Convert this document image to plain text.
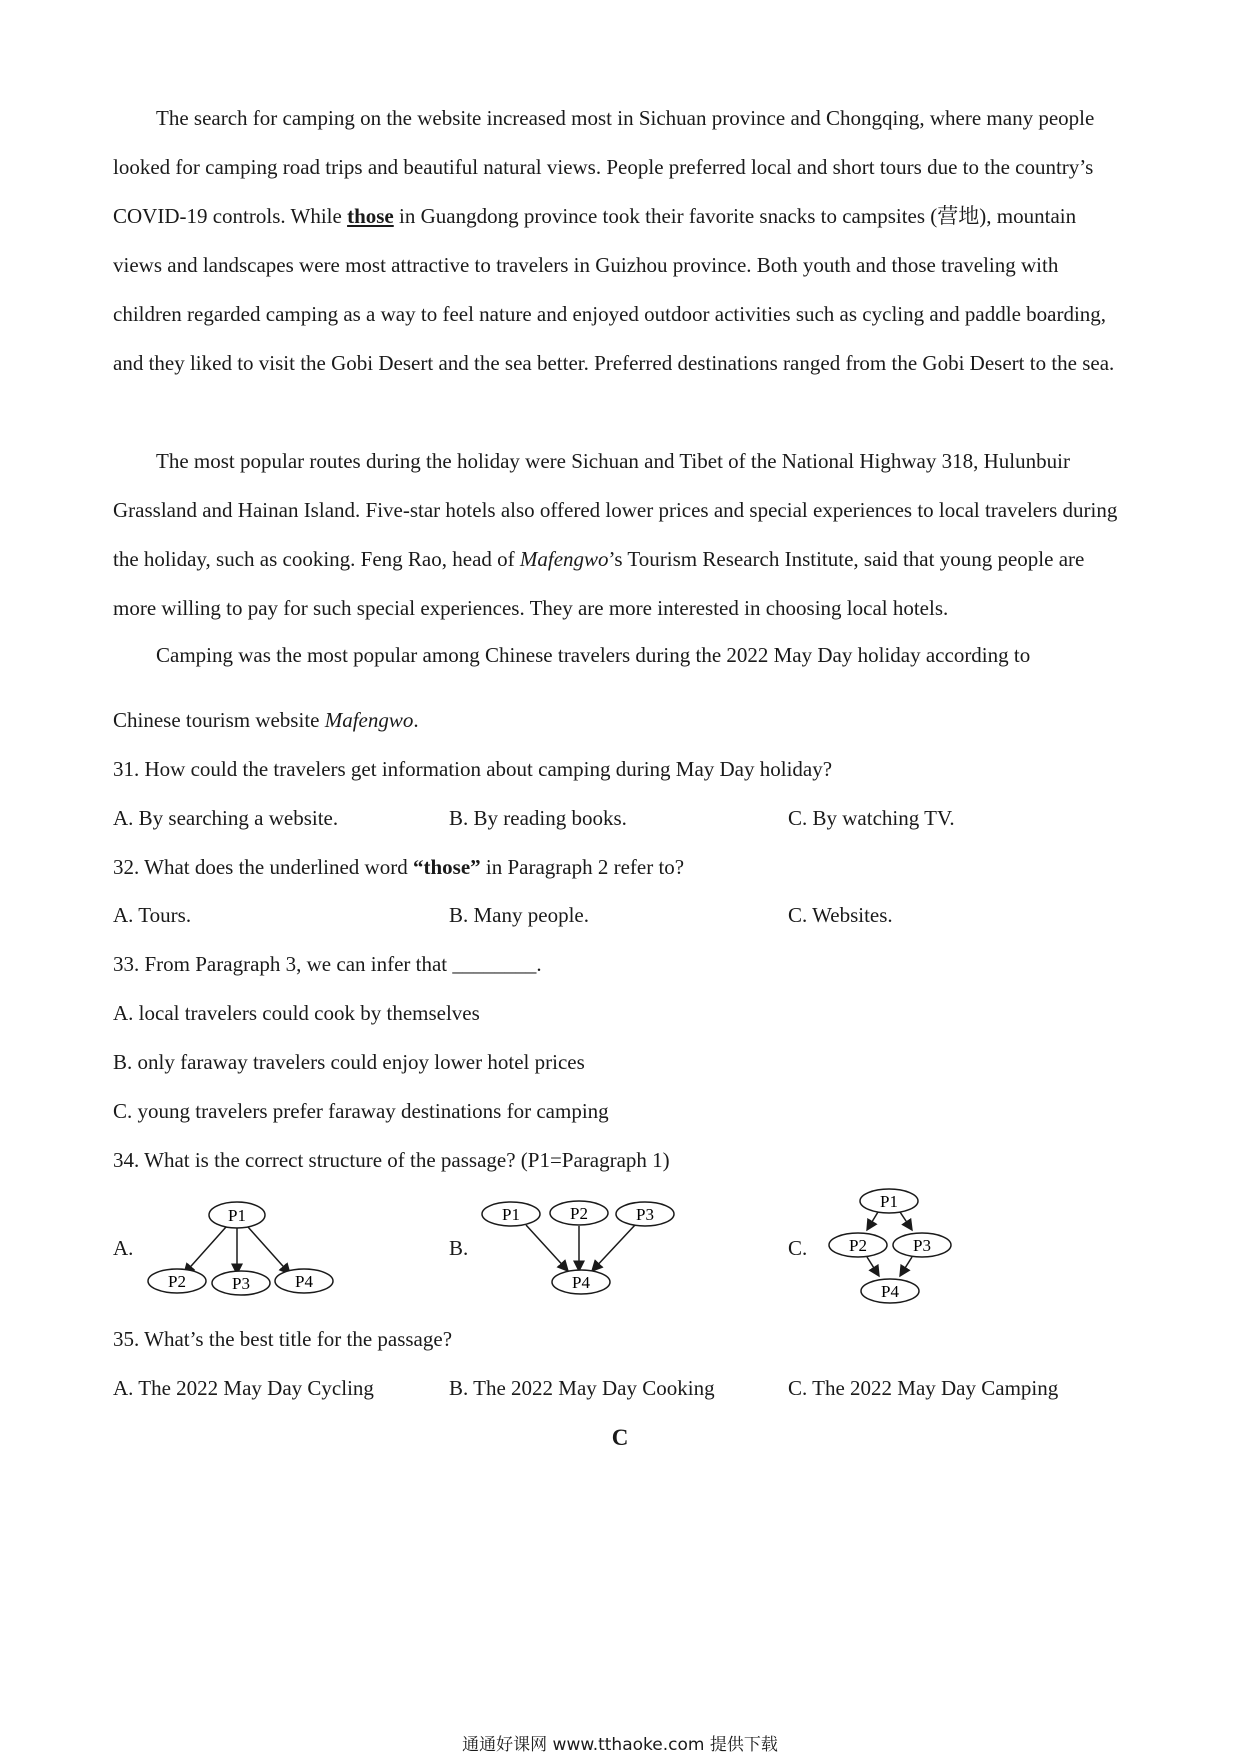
The search for camping on the website increased most in Sichuan province and Chongqing, where many people looked for camping road trips and beautiful natural views. People preferred local and short tours due to the country’s COVID-19 controls. While those in Guangdong province took their favorite snacks to campsites (营地), mountain views and landscapes were most attractive to travelers in Guizhou province. Both youth and those traveling with children regarded camping as a way to feel nature and enjoyed outdoor activities such as cycling and paddle boarding, and they liked to visit the Gobi Desert and the sea better. Preferred destinations ranged from the Gobi Desert to the sea.

The most popular routes during the holiday were Sichuan and Tibet of the National Highway 318, Hulunbuir Grassland and Hainan Island. Five-star hotels also offered lower prices and special experiences to local travelers during the holiday, such as cooking. Feng Rao, head of Mafengwo’s Tourism Research Institute, said that young people are more willing to pay for such special experiences. They are more interested in choosing local hotels.

Camping was the most popular among Chinese travelers during the 2022 May Day holiday according to
Chinese tourism website Mafengwo.
31. How could the travelers get information about camping during May Day holiday?
A. By searching a website.	B. By reading books.	C. By watching TV.
32. What does the underlined word “those” in Paragraph 2 refer to?
A. Tours.	B. Many people.	C. Websites.
33. From Paragraph 3, we can infer that ________.
A. local travelers could cook by themselves
B. only faraway travelers could enjoy lower hotel prices
C. young travelers prefer faraway destinations for camping
34. What is the correct structure of the passage? (P1=Paragraph 1)
A.	B.	C.
P1
P2	P3	P4
P1	P2	P3
P4
P1
P2	P3
P4
35. What’s the best title for the passage?
A. The 2022 May Day Cycling	B. The 2022 May Day Cooking	C. The 2022 May Day Camping
C
通通好课网 www.tthaoke.com 提供下载
